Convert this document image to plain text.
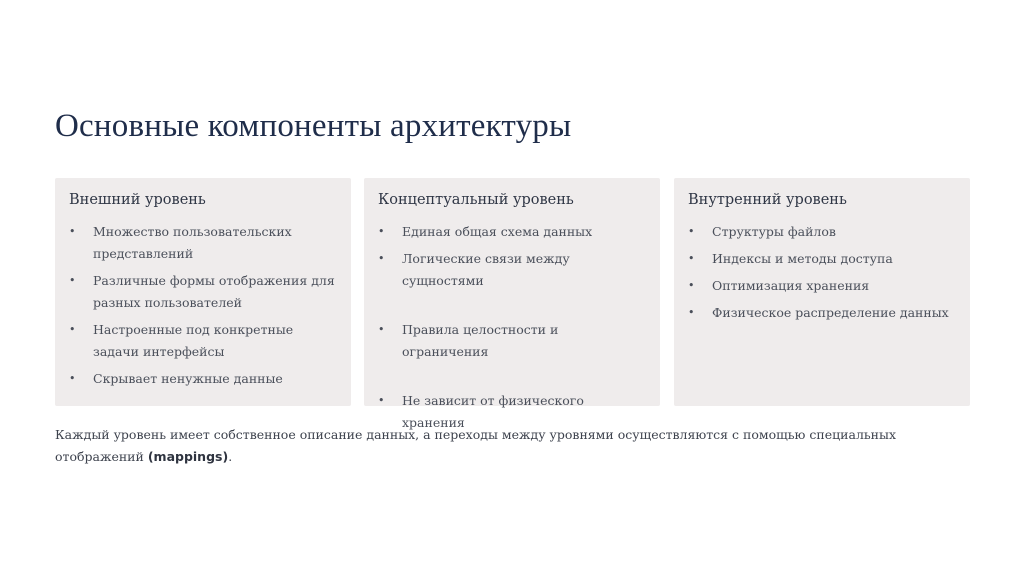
Основные компоненты архитектуры
Внешний уровень
• Множество пользовательских представлений
• Различные формы отображения для разных пользователей
• Настроенные под конкретные задачи интерфейсы
• Скрывает ненужные данные
Концептуальный уровень
• Единая общая схема данных
• Логические связи между сущностями
• Правила целостности и ограничения
• Не зависит от физического хранения
Внутренний уровень
• Структуры файлов
• Индексы и методы доступа
• Оптимизация хранения
• Физическое распределение данных
Каждый уровень имеет собственное описание данных, а переходы между уровнями осуществляются с помощью специальных отображений (mappings).
